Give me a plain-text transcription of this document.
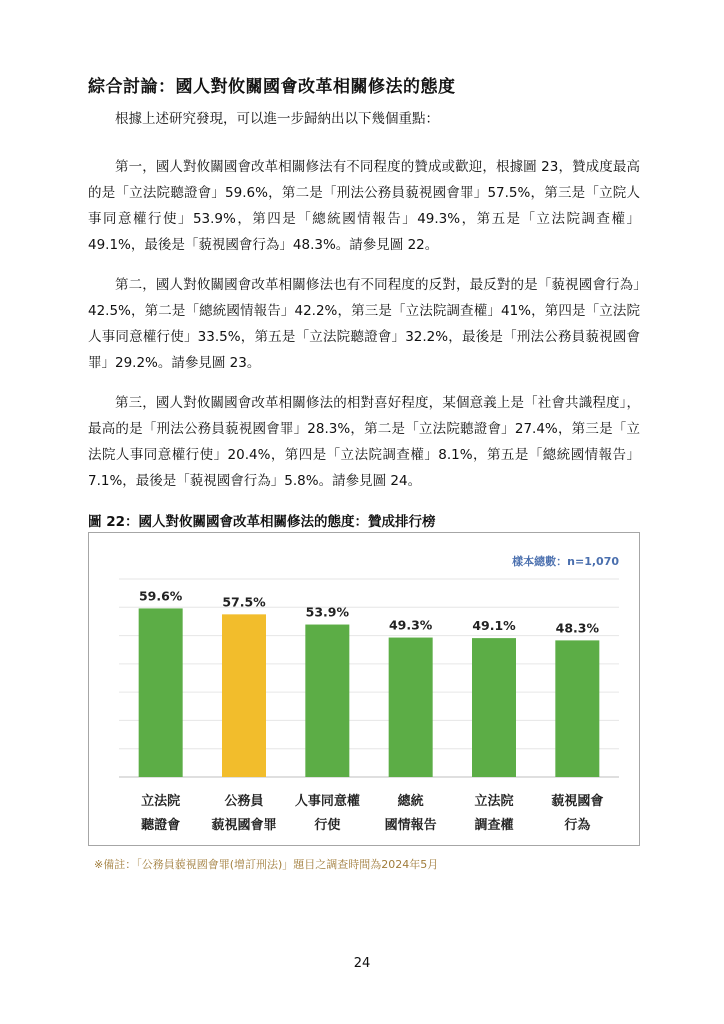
綜合討論：國人對攸關國會改革相關修法的態度

根據上述研究發現，可以進一步歸納出以下幾個重點：

第一，國人對攸關國會改革相關修法有不同程度的贊成或歡迎，根據圖 23，贊成度最高的是「立法院聽證會」59.6%，第二是「刑法公務員藐視國會罪」57.5%，第三是「立院人事同意權行使」53.9%，第四是「總統國情報告」49.3%，第五是「立法院調查權」49.1%，最後是「藐視國會行為」48.3%。請參見圖 22。

第二，國人對攸關國會改革相關修法也有不同程度的反對，最反對的是「藐視國會行為」42.5%，第二是「總統國情報告」42.2%，第三是「立法院調查權」41%，第四是「立法院人事同意權行使」33.5%，第五是「立法院聽證會」32.2%，最後是「刑法公務員藐視國會罪」29.2%。請參見圖 23。

第三，國人對攸關國會改革相關修法的相對喜好程度，某個意義上是「社會共識程度」，最高的是「刑法公務員藐視國會罪」28.3%，第二是「立法院聽證會」27.4%，第三是「立法院人事同意權行使」20.4%，第四是「立法院調查權」8.1%，第五是「總統國情報告」7.1%，最後是「藐視國會行為」5.8%。請參見圖 24。

圖 22：國人對攸關國會改革相關修法的態度：贊成排行榜

樣本總數：n=1,070
59.6%
立法院
聽證會
57.5%
公務員
藐視國會罪
53.9%
人事同意權
行使
49.3%
總統
國情報告
49.1%
立法院
調查權
48.3%
藐視國會
行為

※備註：「公務員藐視國會罪(增訂刑法)」題目之調查時間為2024年5月

24
